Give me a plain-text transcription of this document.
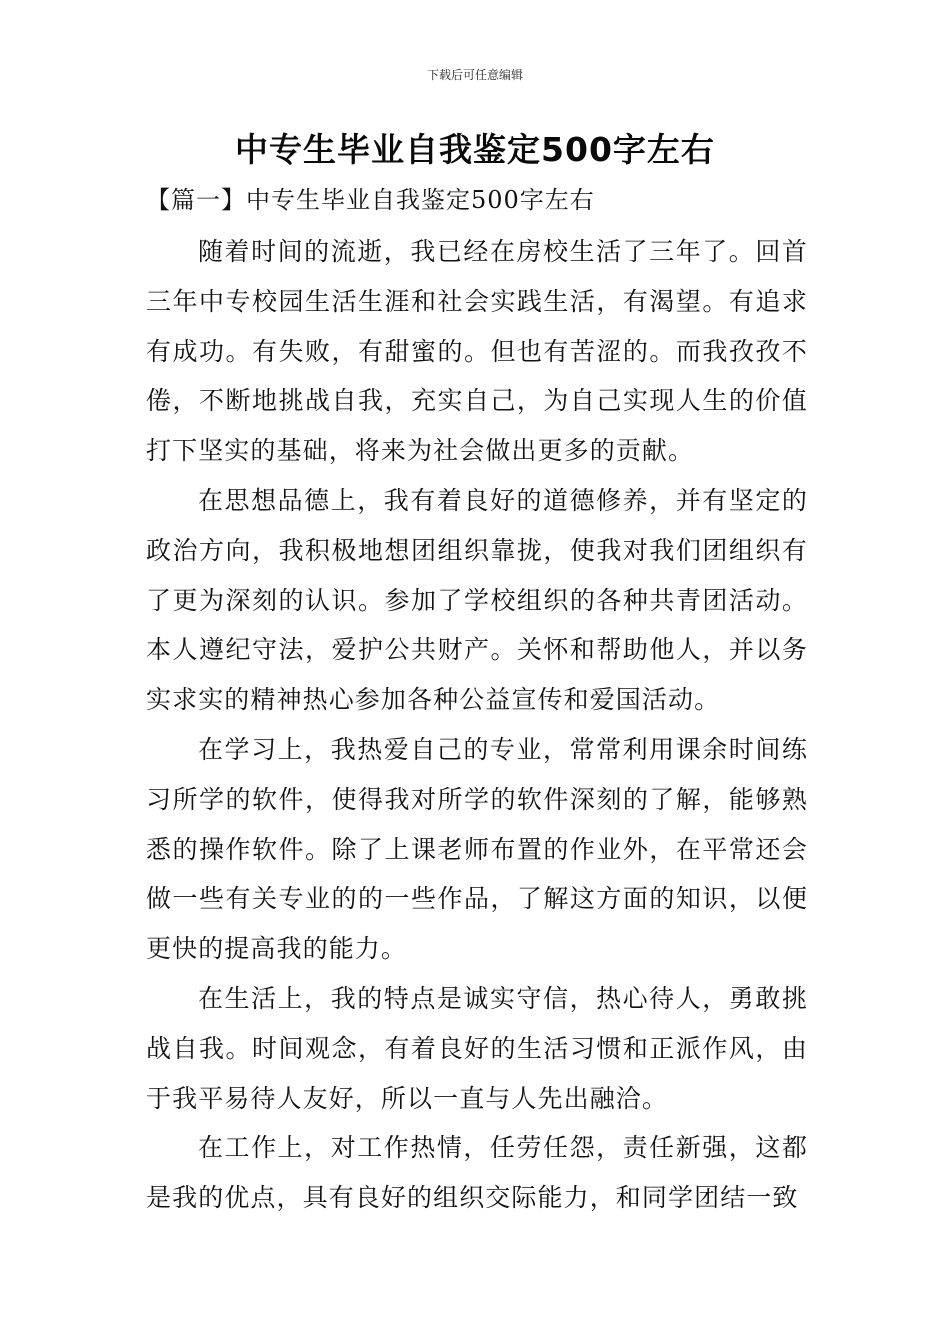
下载后可任意编辑
中专生毕业自我鉴定500字左右
【篇一】中专生毕业自我鉴定500字左右

随着时间的流逝，我已经在房校生活了三年了。回首三年中专校园生活生涯和社会实践生活，有渴望。有追求有成功。有失败，有甜蜜的。但也有苦涩的。而我孜孜不倦，不断地挑战自我，充实自己，为自己实现人生的价值打下坚实的基础，将来为社会做出更多的贡献。

在思想品德上，我有着良好的道德修养，并有坚定的政治方向，我积极地想团组织靠拢，使我对我们团组织有了更为深刻的认识。参加了学校组织的各种共青团活动。本人遵纪守法，爱护公共财产。关怀和帮助他人，并以务实求实的精神热心参加各种公益宣传和爱国活动。

在学习上，我热爱自己的专业，常常利用课余时间练习所学的软件，使得我对所学的软件深刻的了解，能够熟悉的操作软件。除了上课老师布置的作业外，在平常还会做一些有关专业的的一些作品，了解这方面的知识，以便更快的提高我的能力。

在生活上，我的特点是诚实守信，热心待人，勇敢挑战自我。时间观念，有着良好的生活习惯和正派作风，由于我平易待人友好，所以一直与人先出融洽。

在工作上，对工作热情，任劳任怨，责任新强，这都是我的优点，具有良好的组织交际能力，和同学团结一致
